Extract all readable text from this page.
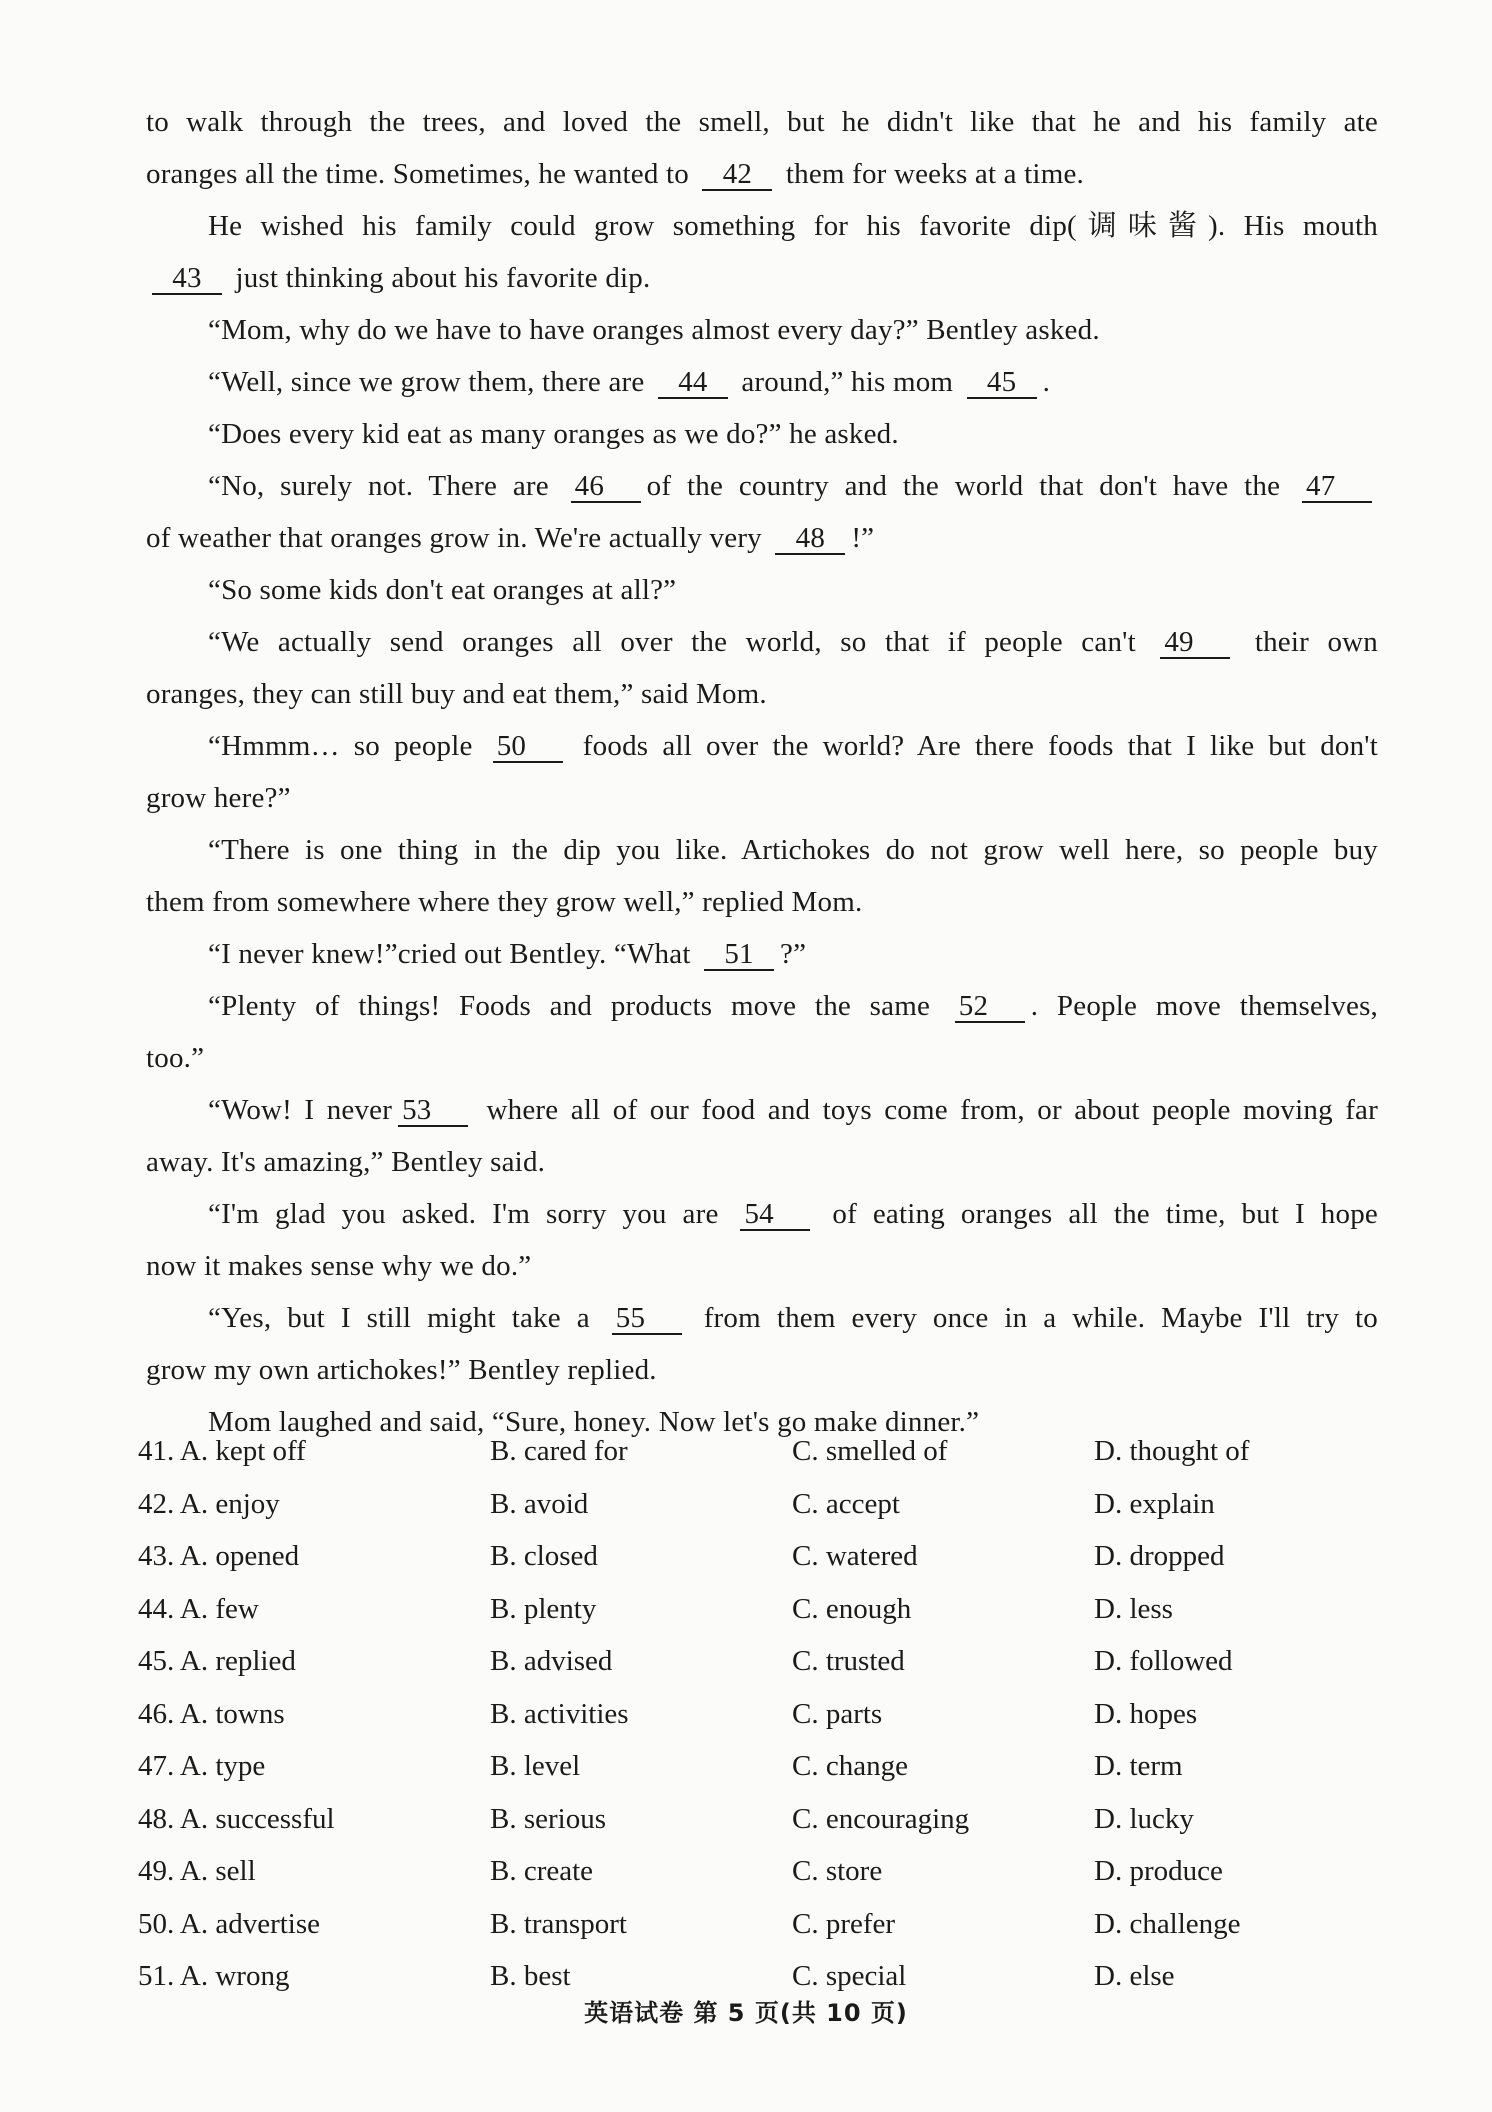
to walk through the trees, and loved the smell, but he didn't like that he and his family ate
oranges all the time. Sometimes, he wanted to 42 them for weeks at a time.
He wished his family could grow something for his favorite dip(调味酱). His mouth
43 just thinking about his favorite dip.
“Mom, why do we have to have oranges almost every day?” Bentley asked.
“Well, since we grow them, there are 44 around,” his mom 45 .
“Does every kid eat as many oranges as we do?” he asked.
“No, surely not. There are 46 of the country and the world that don't have the 47
of weather that oranges grow in. We're actually very 48 !”
“So some kids don't eat oranges at all?”
“We actually send oranges all over the world, so that if people can't 49 their own
oranges, they can still buy and eat them,” said Mom.
“Hmmm… so people 50 foods all over the world? Are there foods that I like but don't
grow here?”
“There is one thing in the dip you like. Artichokes do not grow well here, so people buy
them from somewhere where they grow well,” replied Mom.
“I never knew!”cried out Bentley. “What 51 ?”
“Plenty of things! Foods and products move the same 52 . People move themselves,
too.”
“Wow! I never 53 where all of our food and toys come from, or about people moving far
away. It's amazing,” Bentley said.
“I'm glad you asked. I'm sorry you are 54 of eating oranges all the time, but I hope
now it makes sense why we do.”
“Yes, but I still might take a 55 from them every once in a while. Maybe I'll try to
grow my own artichokes!” Bentley replied.
Mom laughed and said, “Sure, honey. Now let's go make dinner.”
41. A. kept off	B. cared for	C. smelled of	D. thought of
42. A. enjoy	B. avoid	C. accept	D. explain
43. A. opened	B. closed	C. watered	D. dropped
44. A. few	B. plenty	C. enough	D. less
45. A. replied	B. advised	C. trusted	D. followed
46. A. towns	B. activities	C. parts	D. hopes
47. A. type	B. level	C. change	D. term
48. A. successful	B. serious	C. encouraging	D. lucky
49. A. sell	B. create	C. store	D. produce
50. A. advertise	B. transport	C. prefer	D. challenge
51. A. wrong	B. best	C. special	D. else
英语试卷 第 5 页(共 10 页)
